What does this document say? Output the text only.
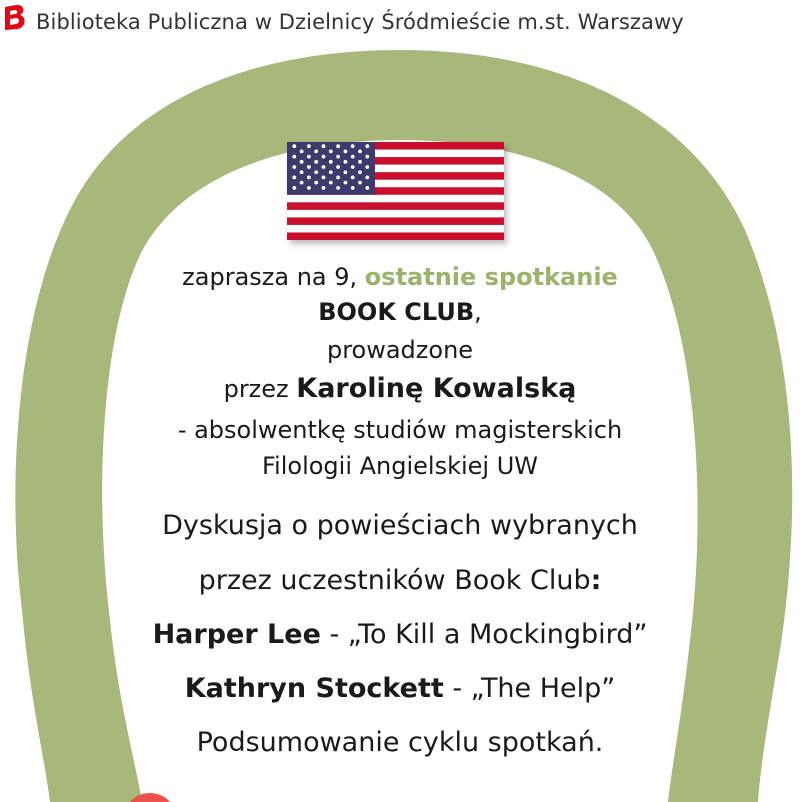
Biblioteka Publiczna w Dzielnicy Śródmieście m.st. Warszawy
zaprasza na 9, ostatnie spotkanie
BOOK CLUB,
prowadzone
przez Karolinę Kowalską
- absolwentkę studiów magisterskich
Filologii Angielskiej UW
Dyskusja o powieściach wybranych
przez uczestników Book Club:
Harper Lee - „To Kill a Mockingbird”
Kathryn Stockett - „The Help”
Podsumowanie cyklu spotkań.
